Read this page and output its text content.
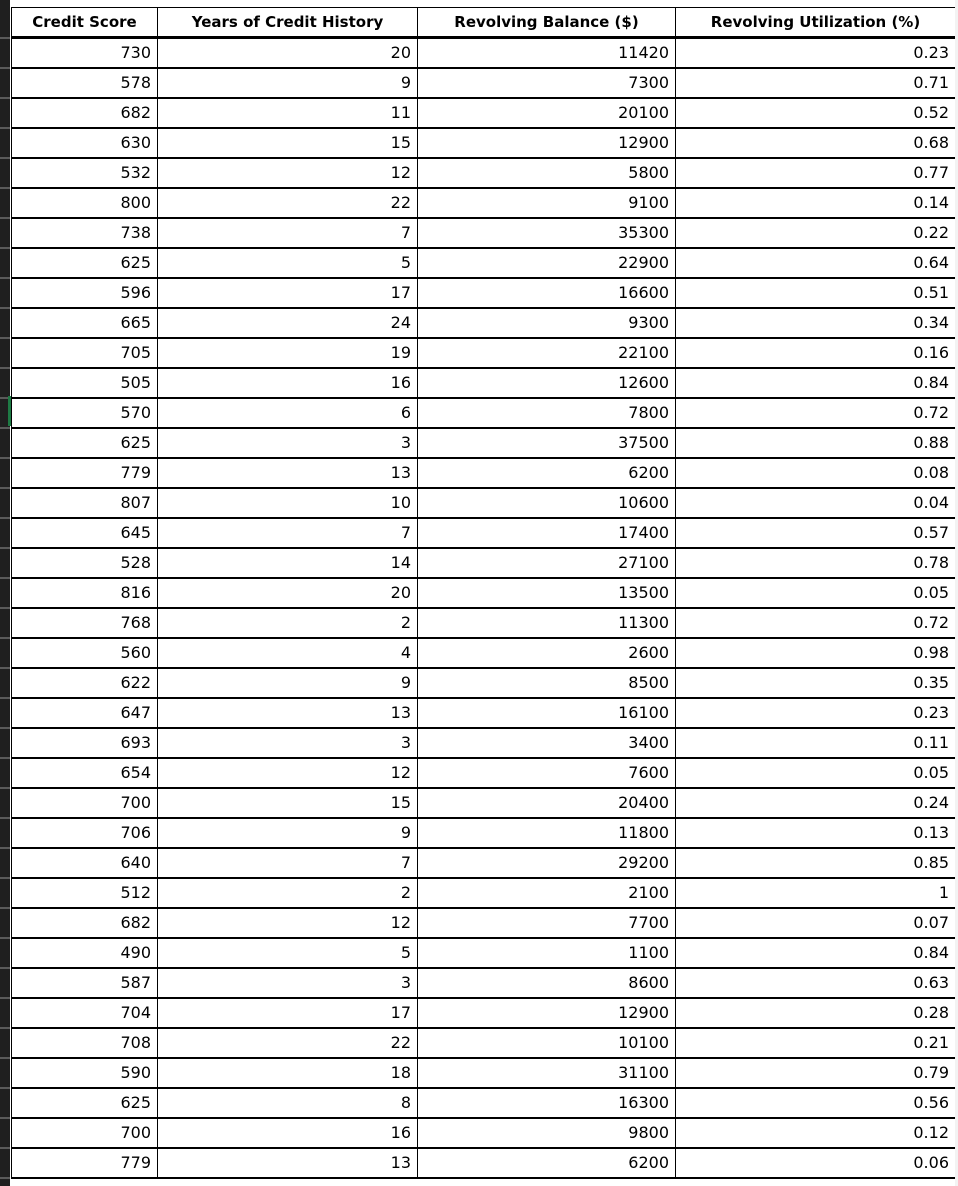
Credit Score	Years of Credit History	Revolving Balance ($)	Revolving Utilization (%)
730	20	11420	0.23
578	9	7300	0.71
682	11	20100	0.52
630	15	12900	0.68
532	12	5800	0.77
800	22	9100	0.14
738	7	35300	0.22
625	5	22900	0.64
596	17	16600	0.51
665	24	9300	0.34
705	19	22100	0.16
505	16	12600	0.84
570	6	7800	0.72
625	3	37500	0.88
779	13	6200	0.08
807	10	10600	0.04
645	7	17400	0.57
528	14	27100	0.78
816	20	13500	0.05
768	2	11300	0.72
560	4	2600	0.98
622	9	8500	0.35
647	13	16100	0.23
693	3	3400	0.11
654	12	7600	0.05
700	15	20400	0.24
706	9	11800	0.13
640	7	29200	0.85
512	2	2100	1
682	12	7700	0.07
490	5	1100	0.84
587	3	8600	0.63
704	17	12900	0.28
708	22	10100	0.21
590	18	31100	0.79
625	8	16300	0.56
700	16	9800	0.12
779	13	6200	0.06
